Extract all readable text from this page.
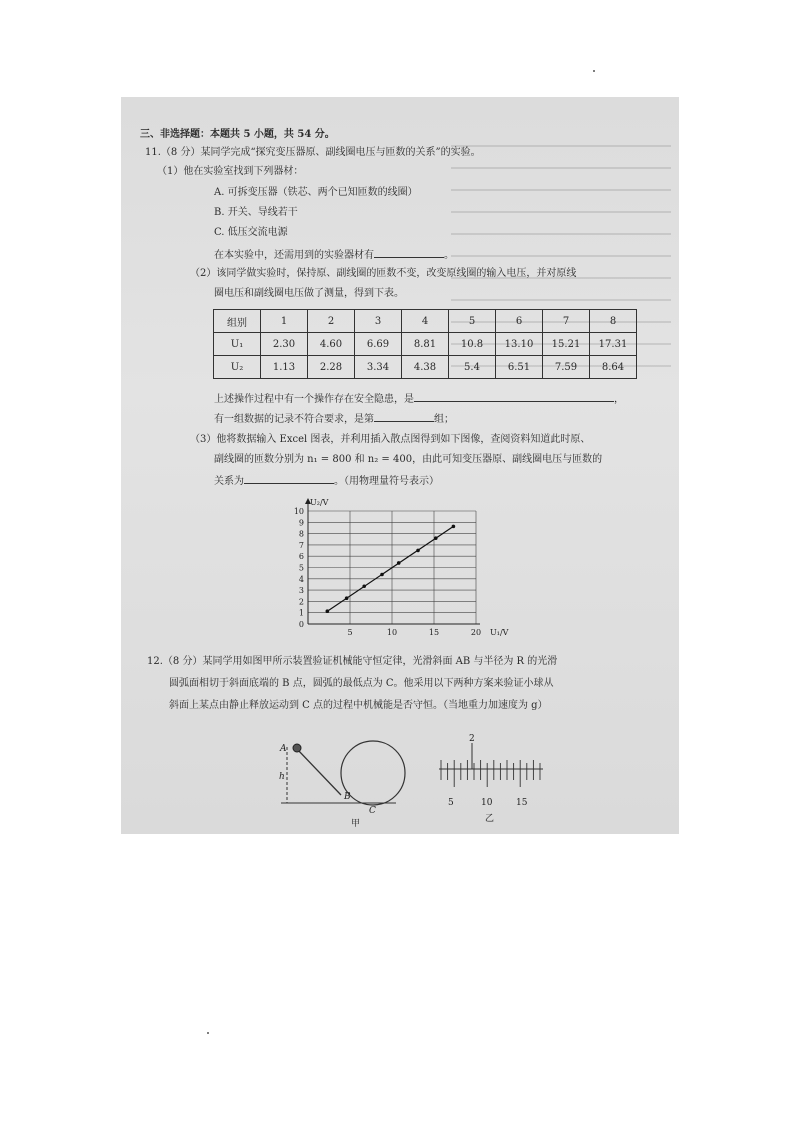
三、非选择题：本题共 5 小题，共 54 分。
11.（8 分）某同学完成“探究变压器原、副线圈电压与匝数的关系”的实验。
（1）他在实验室找到下列器材：
A. 可拆变压器（铁芯、两个已知匝数的线圈）
B. 开关、导线若干
C. 低压交流电源
在本实验中，还需用到的实验器材有	。
（2）该同学做实验时，保持原、副线圈的匝数不变，改变原线圈的输入电压，并对原线
圈电压和副线圈电压做了测量，得到下表。
组别	1	2	3	4	5	6	7	8
U₁	2.30	4.60	6.69	8.81	10.8	13.10	15.21	17.31
U₂	1.13	2.28	3.34	4.38	5.4	6.51	7.59	8.64
上述操作过程中有一个操作存在安全隐患，是	，
有一组数据的记录不符合要求，是第	组；
（3）他将数据输入 Excel 图表，并利用插入散点图得到如下图像，查阅资料知道此时原、
副线圈的匝数分别为 n₁ = 800 和 n₂ = 400，由此可知变压器原、副线圈电压与匝数的
关系为	。（用物理量符号表示）
0
1
2
3
4
5
6
7
8
9
10
5	10	15	20
U₂/V
U₁/V
12.（8 分）某同学用如图甲所示装置验证机械能守恒定律，光滑斜面 AB 与半径为 R 的光滑
圆弧面相切于斜面底端的 B 点，圆弧的最低点为 C。他采用以下两种方案来验证小球从
斜面上某点由静止释放运动到 C 点的过程中机械能是否守恒。（当地重力加速度为 g）
A
h
B
C
甲
2
5	10	15
乙
